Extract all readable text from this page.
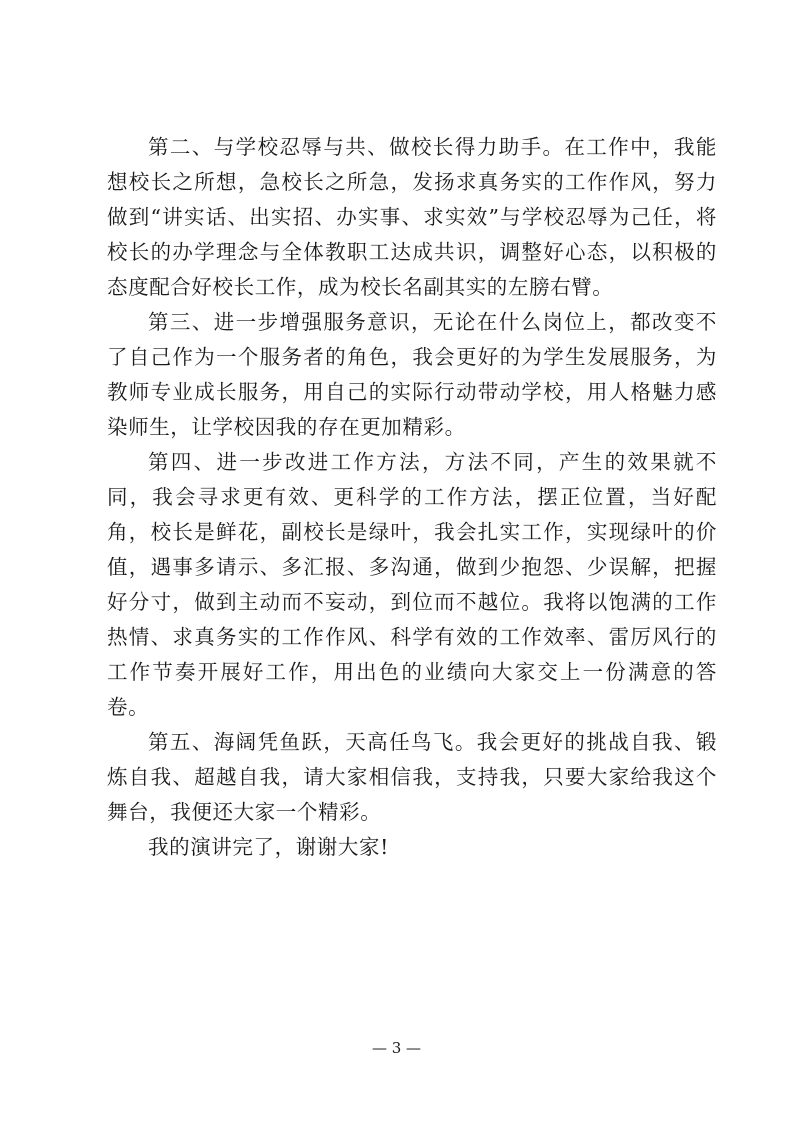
第二、与学校忍辱与共、做校长得力助手。在工作中，我能想校长之所想，急校长之所急，发扬求真务实的工作作风，努力做到“讲实话、出实招、办实事、求实效”与学校忍辱为己任，将校长的办学理念与全体教职工达成共识，调整好心态，以积极的态度配合好校长工作，成为校长名副其实的左膀右臂。

第三、进一步增强服务意识，无论在什么岗位上，都改变不了自己作为一个服务者的角色，我会更好的为学生发展服务，为教师专业成长服务，用自己的实际行动带动学校，用人格魅力感染师生，让学校因我的存在更加精彩。

第四、进一步改进工作方法，方法不同，产生的效果就不同，我会寻求更有效、更科学的工作方法，摆正位置，当好配角，校长是鲜花，副校长是绿叶，我会扎实工作，实现绿叶的价值，遇事多请示、多汇报、多沟通，做到少抱怨、少误解，把握好分寸，做到主动而不妄动，到位而不越位。我将以饱满的工作热情、求真务实的工作作风、科学有效的工作效率、雷厉风行的工作节奏开展好工作，用出色的业绩向大家交上一份满意的答卷。

第五、海阔凭鱼跃，天高任鸟飞。我会更好的挑战自我、锻炼自我、超越自我，请大家相信我，支持我，只要大家给我这个舞台，我便还大家一个精彩。

我的演讲完了，谢谢大家!

— 3 —
